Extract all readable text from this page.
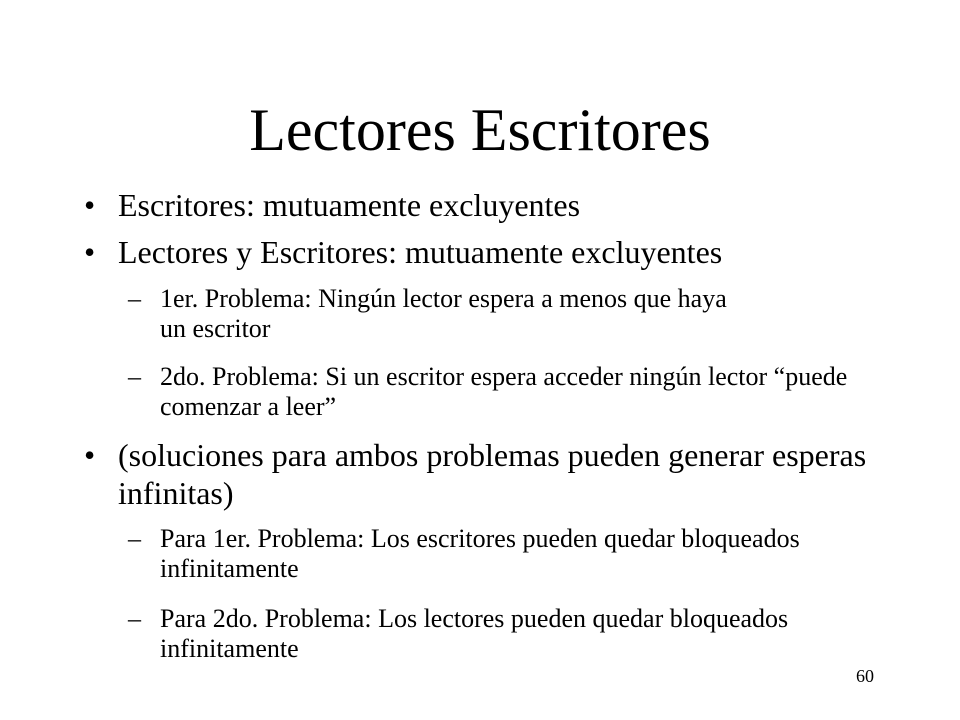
Lectores Escritores
• Escritores: mutuamente excluyentes
• Lectores y Escritores: mutuamente excluyentes
– 1er. Problema: Ningún lector espera a menos que haya un escritor
– 2do. Problema: Si un escritor espera acceder ningún lector “puede comenzar a leer”
• (soluciones para ambos problemas pueden generar esperas infinitas)
– Para 1er. Problema: Los escritores pueden quedar bloqueados infinitamente
– Para 2do. Problema: Los lectores pueden quedar bloqueados infinitamente
60
